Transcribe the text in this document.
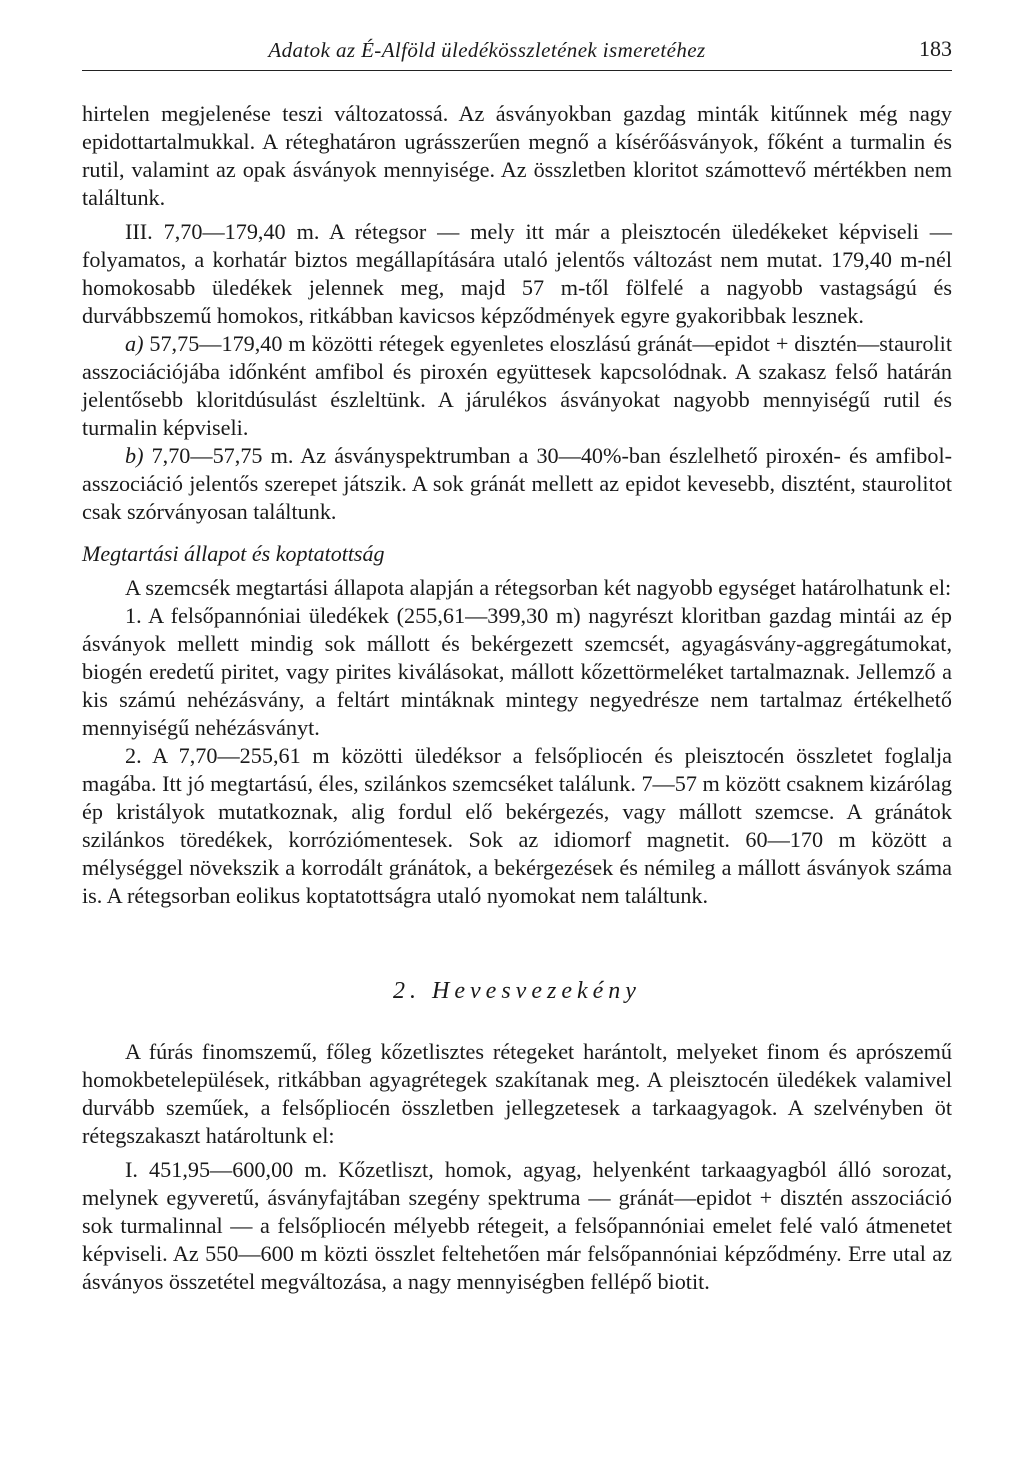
Adatok az É-Alföld üledékösszletének ismeretéhez	183

hirtelen megjelenése teszi változatossá. Az ásványokban gazdag minták kitűnnek még nagy epidottartalmukkal. A réteghatáron ugrásszerűen megnő a kísérőásványok, főként a turmalin és rutil, valamint az opak ásványok mennyisége. Az összletben kloritot számottevő mértékben nem találtunk.

III. 7,70—179,40 m. A rétegsor — mely itt már a pleisztocén üledékeket képviseli — folyamatos, a korhatár biztos megállapítására utaló jelentős változást nem mutat. 179,40 m-nél homokosabb üledékek jelennek meg, majd 57 m-től fölfelé a nagyobb vastagságú és durvábbszemű homokos, ritkábban kavicsos képződmények egyre gyakoribbak lesznek.

a) 57,75—179,40 m közötti rétegek egyenletes eloszlású gránát—epidot + disztén—staurolit asszociációjába időnként amfibol és piroxén együttesek kapcsolódnak. A szakasz felső határán jelentősebb kloritdúsulást észleltünk. A járulékos ásványokat nagyobb mennyiségű rutil és turmalin képviseli.

b) 7,70—57,75 m. Az ásványspektrumban a 30—40%-ban észlelhető piroxén- és amfibol-asszociáció jelentős szerepet játszik. A sok gránát mellett az epidot kevesebb, disztént, staurolitot csak szórványosan találtunk.

Megtartási állapot és koptatottság

A szemcsék megtartási állapota alapján a rétegsorban két nagyobb egységet határolhatunk el:

1. A felsőpannóniai üledékek (255,61—399,30 m) nagyrészt kloritban gazdag mintái az ép ásványok mellett mindig sok mállott és bekérgezett szemcsét, agyagásvány-aggregátumokat, biogén eredetű piritet, vagy pirites kiválásokat, mállott kőzettörmeléket tartalmaznak. Jellemző a kis számú nehézásvány, a feltárt mintáknak mintegy negyedrésze nem tartalmaz értékelhető mennyiségű nehézásványt.

2. A 7,70—255,61 m közötti üledéksor a felsőpliocén és pleisztocén összletet foglalja magába. Itt jó megtartású, éles, szilánkos szemcséket találunk. 7—57 m között csaknem kizárólag ép kristályok mutatkoznak, alig fordul elő bekérgezés, vagy mállott szemcse. A gránátok szilánkos töredékek, korróziómentesek. Sok az idiomorf magnetit. 60—170 m között a mélységgel növekszik a korrodált gránátok, a bekérgezések és némileg a mállott ásványok száma is. A rétegsorban eolikus koptatottságra utaló nyomokat nem találtunk.

2. Hevesvezekény

A fúrás finomszemű, főleg kőzetlisztes rétegeket harántolt, melyeket finom és aprószemű homokbetelepülések, ritkábban agyagrétegek szakítanak meg. A pleisztocén üledékek valamivel durvább szeműek, a felsőpliocén összletben jellegzetesek a tarkaagyagok. A szelvényben öt rétegszakaszt határoltunk el:

I. 451,95—600,00 m. Kőzetliszt, homok, agyag, helyenként tarkaagyagból álló sorozat, melynek egyveretű, ásványfajtában szegény spektruma — gránát—epidot + disztén asszociáció sok turmalinnal — a felsőpliocén mélyebb rétegeit, a felsőpannóniai emelet felé való átmenetet képviseli. Az 550—600 m közti összlet feltehetően már felsőpannóniai képződmény. Erre utal az ásványos összetétel megváltozása, a nagy mennyiségben fellépő biotit.
